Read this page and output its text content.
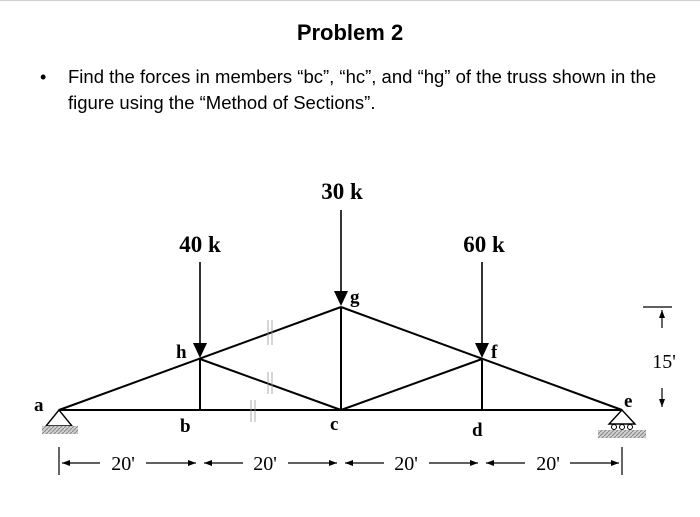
Problem 2
• Find the forces in members “bc”, “hc”, and “hg” of the truss shown in the figure using the “Method of Sections”.
40 k
30 k
60 k
a
b	c	d
e
f
g
h
20'	20'	20'	20'
15'
